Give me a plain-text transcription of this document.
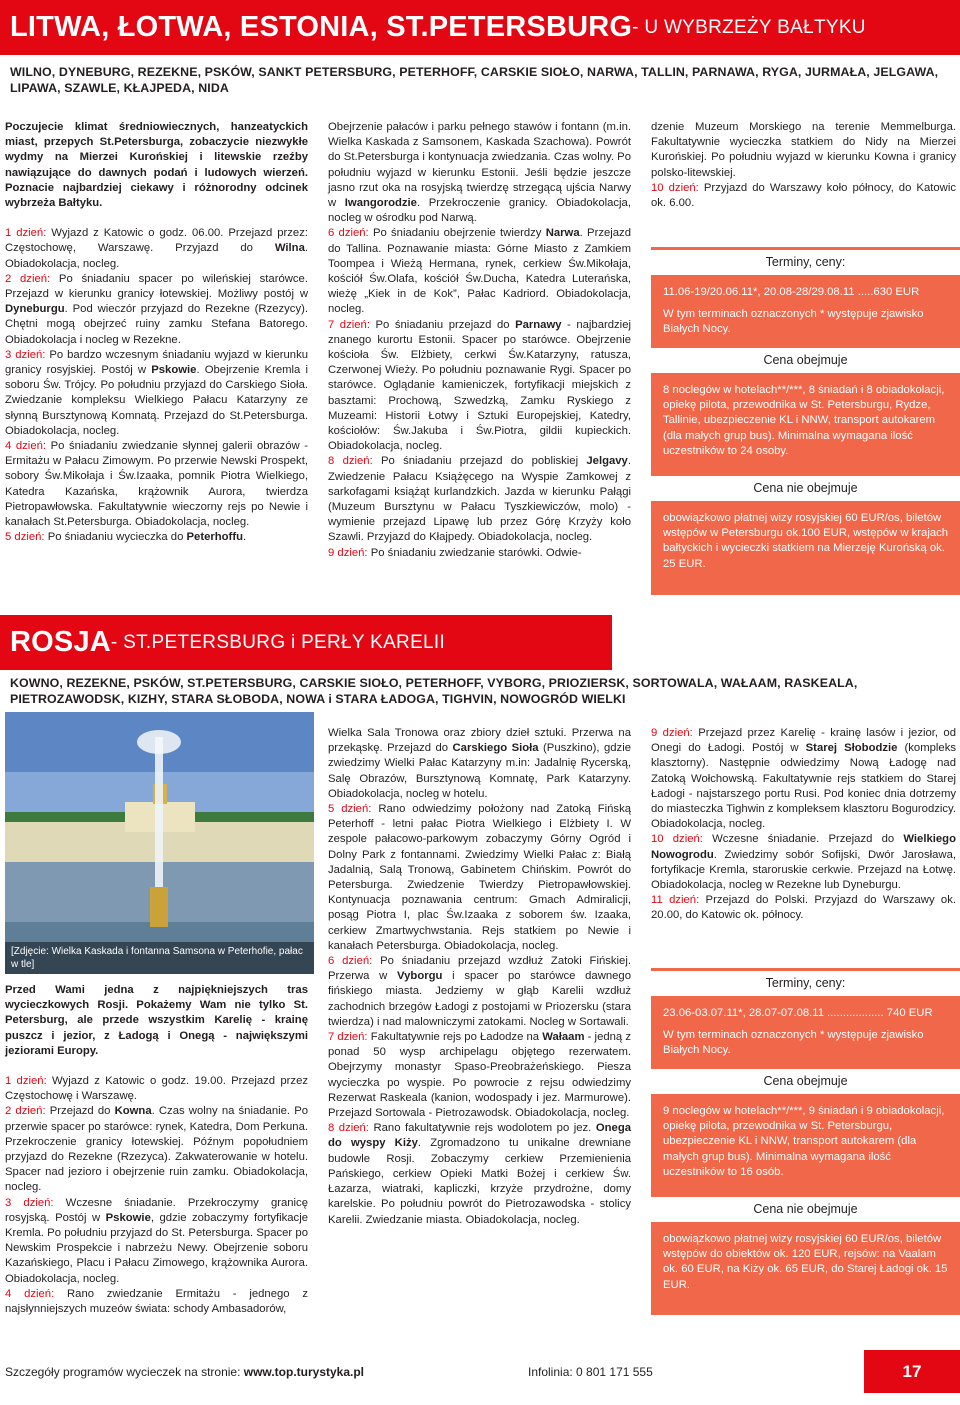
LITWA, ŁOTWA, ESTONIA, ST.PETERSBURG - U WYBRZEŻY BAŁTYKU
WILNO, DYNEBURG, REZEKNE, PSKÓW, SANKT PETERSBURG, PETERHOFF, CARSKIE SIOŁO, NARWA, TALLIN, PARNAWA, RYGA, JURMAŁA, JELGAWA, LIPAWA, SZAWLE, KŁAJPEDA, NIDA

Poczujecie klimat średniowiecznych, hanzeatyckich miast, przepych St.Petersburga, zobaczycie niezwykłe wydmy na Mierzei Kurońskiej i litewskie rzeźby nawiązujące do dawnych podań i ludowych wierzeń. Poznacie najbardziej ciekawy i różnorodny odcinek wybrzeża Bałtyku.

1 dzień: Wyjazd z Katowic o godz. 06.00. Przejazd przez: Częstochowę, Warszawę. Przyjazd do Wilna. Obiadokolacja, nocleg.

2 dzień: Po śniadaniu spacer po wileńskiej starówce. Przejazd w kierunku granicy łotewskiej. Możliwy postój w Dyneburgu. Pod wieczór przyjazd do Rezekne (Rzezycy). Chętni mogą obejrzeć ruiny zamku Stefana Batorego. Obiadokolacja i nocleg w Rezekne.

3 dzień: Po bardzo wczesnym śniadaniu wyjazd w kierunku granicy rosyjskiej. Postój w Pskowie. Obejrzenie Kremla i soboru Św. Trójcy. Po południu przyjazd do Carskiego Sioła. Zwiedzanie kompleksu Wielkiego Pałacu Katarzyny ze słynną Bursztynową Komnatą. Przejazd do St.Petersburga. Obiadokolacja, nocleg.

4 dzień: Po śniadaniu zwiedzanie słynnej galerii obrazów - Ermitażu w Pałacu Zimowym. Po przerwie Newski Prospekt, sobory Św.Mikołaja i Św.Izaaka, pomnik Piotra Wielkiego, Katedra Kazańska, krążownik Aurora, twierdza Pietropawłowska. Fakultatywnie wieczorny rejs po Newie i kanałach St.Petersburga. Obiadokolacja, nocleg.

5 dzień: Po śniadaniu wycieczka do Peterhoffu.

Obejrzenie pałaców i parku pełnego stawów i fontann (m.in. Wielka Kaskada z Samsonem, Kaskada Szachowa). Powrót do St.Petersburga i kontynuacja zwiedzania. Czas wolny. Po południu wyjazd w kierunku Estonii. Jeśli będzie jeszcze jasno rzut oka na rosyjską twierdzę strzegącą ujścia Narwy w Iwangorodzie. Przekroczenie granicy. Obiadokolacja, nocleg w ośrodku pod Narwą.

6 dzień: Po śniadaniu obejrzenie twierdzy Narwa. Przejazd do Tallina. Poznawanie miasta: Górne Miasto z Zamkiem Toompea i Wieżą Hermana, rynek, cerkiew Św.Mikołaja, kościół Św.Olafa, kościół Św.Ducha, Katedra Luterańska, wieżę „Kiek in de Kok”, Pałac Kadriord. Obiadokolacja, nocleg.

7 dzień: Po śniadaniu przejazd do Parnawy - najbardziej znanego kurortu Estonii. Spacer po starówce. Obejrzenie kościoła Św. Elżbiety, cerkwi Św.Katarzyny, ratusza, Czerwonej Wieży. Po południu poznawanie Rygi. Spacer po starówce. Oglądanie kamieniczek, fortyfikacji miejskich z basztami: Prochową, Szwedzką, Zamku Ryskiego z Muzeami: Historii Łotwy i Sztuki Europejskiej, Katedry, kościołów: Św.Jakuba i Św.Piotra, gildii kupieckich. Obiadokolacja, nocleg.

8 dzień: Po śniadaniu przejazd do pobliskiej Jelgavy. Zwiedzenie Pałacu Książęcego na Wyspie Zamkowej z sarkofagami książąt kurlandzkich. Jazda w kierunku Pałągi (Muzeum Bursztynu w Pałacu Tyszkiewiczów, molo) - wymienie przejazd Lipawę lub przez Górę Krzyży koło Szawli. Przyjazd do Kłajpedy. Obiadokolacja, nocleg.

9 dzień: Po śniadaniu zwiedzanie starówki. Odwie-

dzenie Muzeum Morskiego na terenie Memmelburga. Fakultatywnie wycieczka statkiem do Nidy na Mierzei Kurońskiej. Po południu wyjazd w kierunku Kowna i granicy polsko-litewskiej.

10 dzień: Przyjazd do Warszawy koło północy, do Katowic ok. 6.00.

Terminy, ceny:
11.06-19/20.06.11*, 20.08-28/29.08.11 .....630 EUR
W tym terminach oznaczonych * występuje zjawisko Białych Nocy.
Cena obejmuje
8 noclegów w hotelach**/***, 8 śniadań i 8 obiadokolacji, opiekę pilota, przewodnika w St. Petersburgu, Rydze, Tallinie, ubezpieczenie KL i NNW, transport autokarem (dla małych grup bus). Minimalna wymagana ilość uczestników to 24 osoby.
Cena nie obejmuje
obowiązkowo płatnej wizy rosyjskiej 60 EUR/os, biletów wstępów w Petersburgu ok.100 EUR, wstępów w krajach bałtyckich i wycieczki statkiem na Mierzeję Kurońską ok. 25 EUR.
ROSJA - ST.PETERSBURG i PERŁY KARELII
KOWNO, REZEKNE, PSKÓW, ST.PETERSBURG, CARSKIE SIOŁO, PETERHOFF, VYBORG, PRIOZIERSK, SORTOWALA, WAŁAAM, RASKEALA, PIETROZAWODSK, KIZHY, STARA SŁOBODA, NOWA i STARA ŁADOGA, TIGHVIN, NOWOGRÓD WIELKI
[Zdjęcie: Wielka Kaskada i fontanna Samsona w Peterhofie, pałac w tle]

Przed Wami jedna z najpiękniejszych tras wycieczkowych Rosji. Pokażemy Wam nie tylko St. Petersburg, ale przede wszystkim Karelię - krainę puszcz i jezior, z Ładogą i Onegą - największymi jeziorami Europy.

1 dzień: Wyjazd z Katowic o godz. 19.00. Przejazd przez Częstochowę i Warszawę.

2 dzień: Przejazd do Kowna. Czas wolny na śniadanie. Po przerwie spacer po starówce: rynek, Katedra, Dom Perkuna. Przekroczenie granicy łotewskiej. Późnym popołudniem przyjazd do Rezekne (Rzezyca). Zakwaterowanie w hotelu. Spacer nad jezioro i obejrzenie ruin zamku. Obiadokolacja, nocleg.

3 dzień: Wczesne śniadanie. Przekroczymy granicę rosyjską. Postój w Pskowie, gdzie zobaczymy fortyfikacje Kremla. Po południu przyjazd do St. Petersburga. Spacer po Newskim Prospekcie i nabrzeżu Newy. Obejrzenie soboru Kazańskiego, Placu i Pałacu Zimowego, krążownika Aurora. Obiadokolacja, nocleg.

4 dzień: Rano zwiedzanie Ermitażu - jednego z najsłynniejszych muzeów świata: schody Ambasadorów,

Wielka Sala Tronowa oraz zbiory dzieł sztuki. Przerwa na przekąskę. Przejazd do Carskiego Sioła (Puszkino), gdzie zwiedzimy Wielki Pałac Katarzyny m.in: Jadalnię Rycerską, Salę Obrazów, Bursztynową Komnatę, Park Katarzyny. Obiadokolacja, nocleg w hotelu.

5 dzień: Rano odwiedzimy położony nad Zatoką Fińską Peterhoff - letni pałac Piotra Wielkiego i Elżbiety I. W zespole pałacowo-parkowym zobaczymy Górny Ogród i Dolny Park z fontannami. Zwiedzimy Wielki Pałac z: Białą Jadalnią, Salą Tronową, Gabinetem Chińskim. Powrót do Petersburga. Zwiedzenie Twierdzy Pietropawłowskiej. Kontynuacja poznawania centrum: Gmach Admiralicji, posąg Piotra I, plac Św.Izaaka z soborem św. Izaaka, cerkiew Zmartwychwstania. Rejs statkiem po Newie i kanałach Petersburga. Obiadokolacja, nocleg.

6 dzień: Po śniadaniu przejazd wzdłuż Zatoki Fińskiej. Przerwa w Vyborgu i spacer po starówce dawnego fińskiego miasta. Jedziemy w głąb Karelii wzdłuż zachodnich brzegów Ładogi z postojami w Priozersku (stara twierdza) i nad malowniczymi zatokami. Nocleg w Sortawali.

7 dzień: Fakultatywnie rejs po Ładodze na Wałaam - jedną z ponad 50 wysp archipelagu objętego rezerwatem. Obejrzymy monastyr Spaso-Preobrażeńskiego. Piesza wycieczka po wyspie. Po powrocie z rejsu odwiedzimy Rezerwat Raskeala (kanion, wodospady i jez. Marmurowe). Przejazd Sortowala - Pietrozawodsk. Obiadokolacja, nocleg.

8 dzień: Rano fakultatywnie rejs wodolotem po jez. Onega do wyspy Kiży. Zgromadzono tu unikalne drewniane budowle Rosji. Zobaczymy cerkiew Przemienienia Pańskiego, cerkiew Opieki Matki Bożej i cerkiew Św. Łazarza, wiatraki, kapliczki, krzyże przydrożne, domy karelskie. Po południu powrót do Pietrozawodska - stolicy Karelii. Zwiedzanie miasta. Obiadokolacja, nocleg.

9 dzień: Przejazd przez Karelię - krainę lasów i jezior, od Onegi do Ładogi. Postój w Starej Słobodzie (kompleks klasztorny). Następnie odwiedzimy Nową Ładogę nad Zatoką Wołchowską. Fakultatywnie rejs statkiem do Starej Ładogi - najstarszego portu Rusi. Pod koniec dnia dotrzemy do miasteczka Tighwin z kompleksem klasztoru Bogurodzicy. Obiadokolacja, nocleg.

10 dzień: Wczesne śniadanie. Przejazd do Wielkiego Nowogrodu. Zwiedzimy sobór Sofijski, Dwór Jarosława, fortyfikacje Kremla, staroruskie cerkwie. Przejazd na Łotwę. Obiadokolacja, nocleg w Rezekne lub Dyneburgu.

11 dzień: Przejazd do Polski. Przyjazd do Warszawy ok. 20.00, do Katowic ok. północy.

Terminy, ceny:
23.06-03.07.11*, 28.07-07.08.11 .................. 740 EUR
W tym terminach oznaczonych * występuje zjawisko Białych Nocy.
Cena obejmuje
9 noclegów w hotelach**/***, 9 śniadań i 9 obiadokolacji, opiekę pilota, przewodnika w St. Petersburgu, ubezpieczenie KL i NNW, transport autokarem (dla małych grup bus). Minimalna wymagana ilość uczestników to 16 osób.
Cena nie obejmuje
obowiązkowo płatnej wizy rosyjskiej 60 EUR/os, biletów wstępów do obiektów ok. 120 EUR, rejsów: na Vaalam ok. 60 EUR, na Kiży ok. 65 EUR, do Starej Ładogi ok. 15 EUR.
Szczegóły programów wycieczek na stronie: www.top.turystyka.pl	Infolinia: 0 801 171 555	17
